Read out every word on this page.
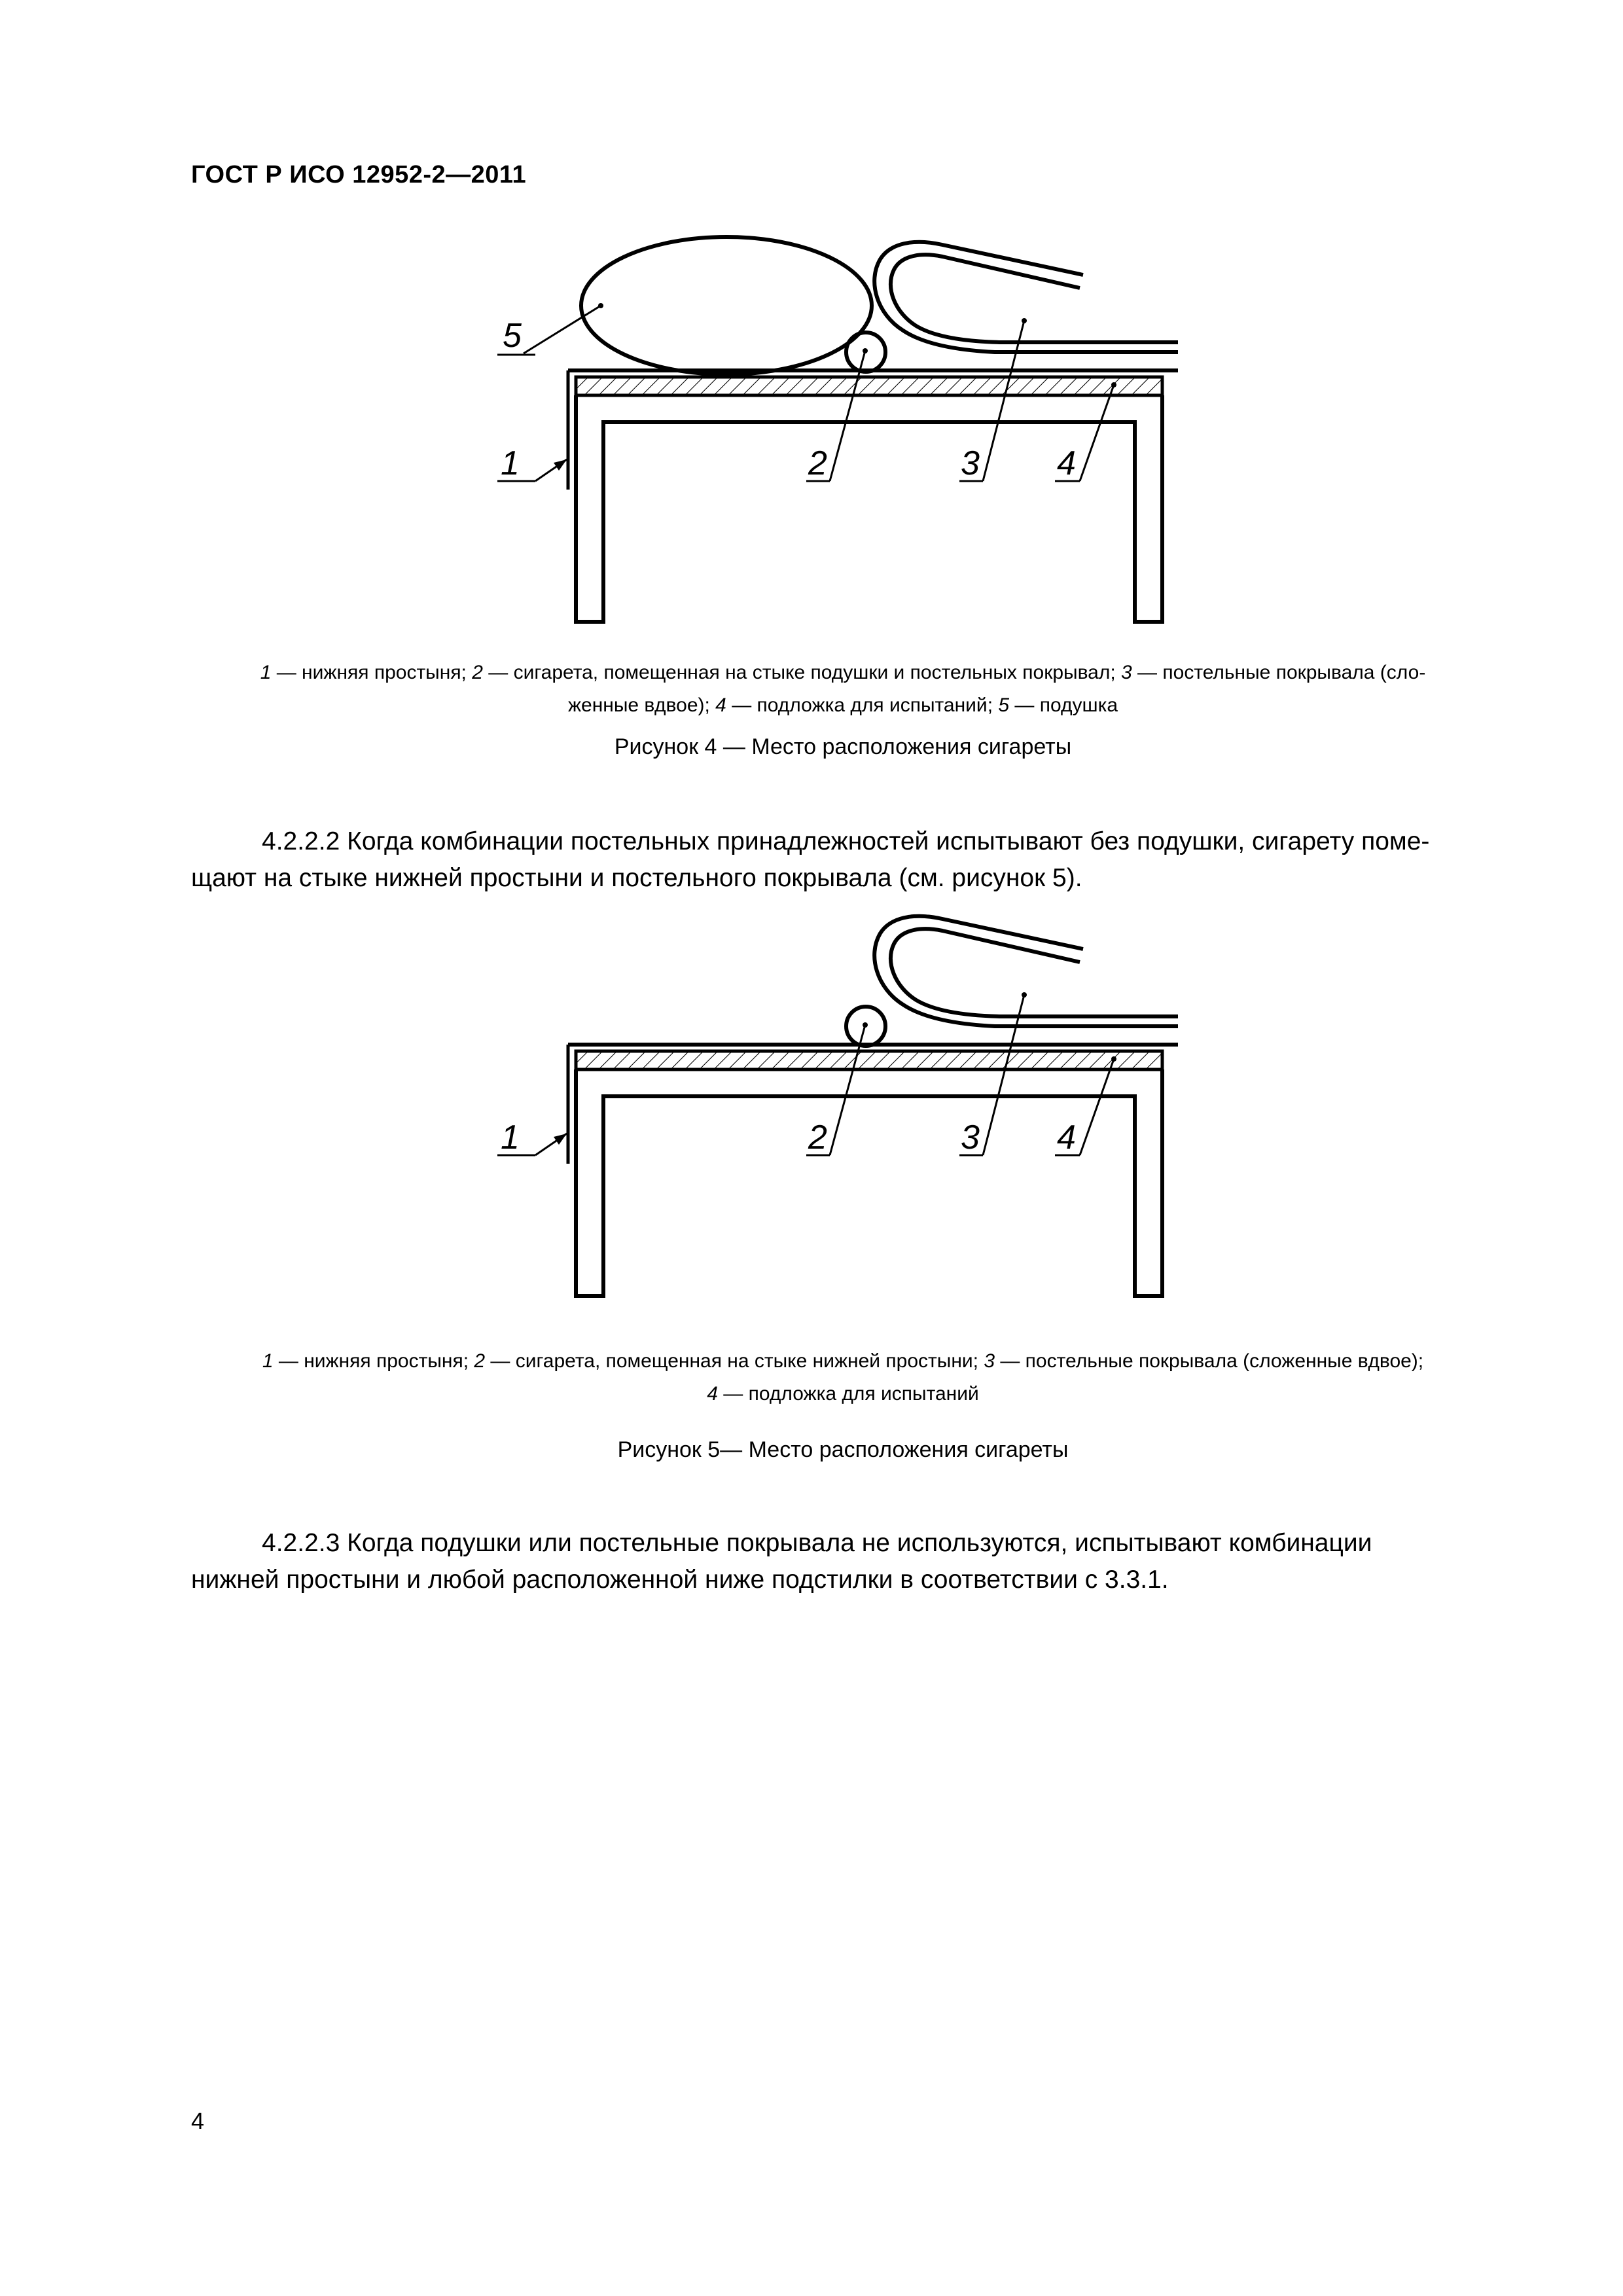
ГОСТ Р ИСО 12952-2—2011
5
1	2	3 4
1 — нижняя простыня; 2 — сигарета, помещенная на стыке подушки и постельных покрывал; 3 — постельные покрывала (сло-
женные вдвое); 4 — подложка для испытаний; 5 — подушка
Рисунок 4 — Место расположения сигареты
4.2.2.2 Когда комбинации постельных принадлежностей испытывают без подушки, сигарету поме-
щают на стыке нижней простыни и постельного покрывала (см. рисунок 5).
1	2	3 4
1 — нижняя простыня; 2 — сигарета, помещенная на стыке нижней простыни; 3 — постельные покрывала (сложенные вдвое);
4 — подложка для испытаний
Рисунок 5— Место расположения сигареты
4.2.2.3 Когда подушки или постельные покрывала не используются, испытывают комбинации
нижней простыни и любой расположенной ниже подстилки в соответствии с 3.3.1.
4
